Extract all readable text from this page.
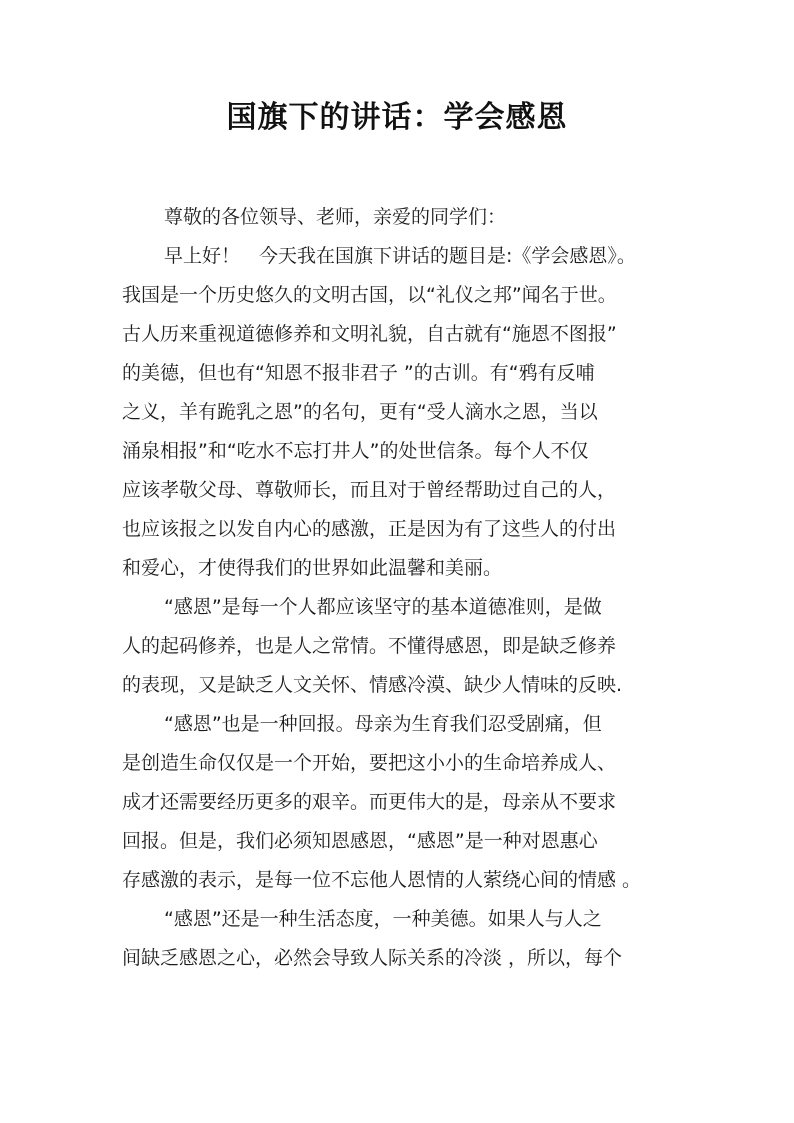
国旗下的讲话：学会感恩
尊敬的各位领导、老师，亲爱的同学们：
早上好！　今天我在国旗下讲话的题目是:《学会感恩》。
我国是一个历史悠久的文明古国，以“礼仪之邦”闻名于世。
古人历来重视道德修养和文明礼貌，自古就有“施恩不图报”
的美德，但也有“知恩不报非君子 ”的古训。有“鸦有反哺
之义，羊有跪乳之恩”的名句，更有“受人滴水之恩，当以
涌泉相报”和“吃水不忘打井人”的处世信条。每个人不仅
应该孝敬父母、尊敬师长，而且对于曾经帮助过自己的人，
也应该报之以发自内心的感激，正是因为有了这些人的付出
和爱心，才使得我们的世界如此温馨和美丽。
“感恩”是每一个人都应该坚守的基本道德准则，是做
人的起码修养，也是人之常情。不懂得感恩，即是缺乏修养
的表现，又是缺乏人文关怀、情感冷漠、缺少人情味的反映.
“感恩”也是一种回报。母亲为生育我们忍受剧痛，但
是创造生命仅仅是一个开始，要把这小小的生命培养成人、
成才还需要经历更多的艰辛。而更伟大的是，母亲从不要求
回报。但是，我们必须知恩感恩，“感恩”是一种对恩惠心
存感激的表示，是每一位不忘他人恩情的人萦绕心间的情感 。
“感恩”还是一种生活态度，一种美德。如果人与人之
间缺乏感恩之心，必然会导致人际关系的冷淡 ，所以，每个
